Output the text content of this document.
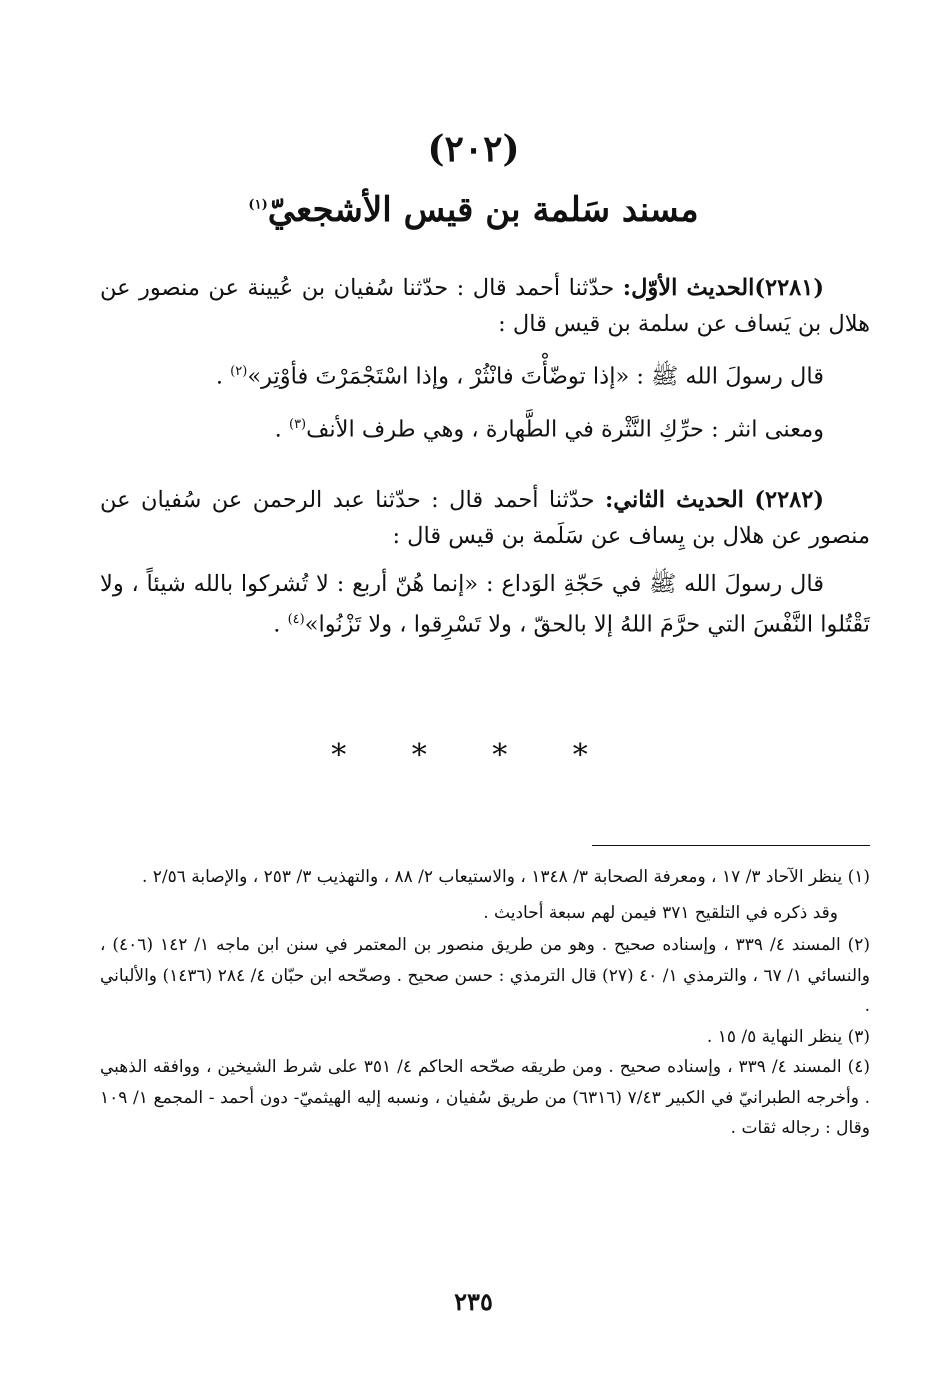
(٢٠٢)
مسند سَلمة بن قيس الأشجعيّ$^{(١)}$

(٢٢٨١)الحديث الأوّل: حدّثنا أحمد قال : حدّثنا سُفيان بن عُيينة عن منصور عن هلال بن يَساف عن سلمة بن قيس قال :

قال رسولَ الله ﷺ : «إذا توضّأْتَ فانْثُرْ ، وإذا اسْتَجْمَرْتَ فأوْتِر»$^{(٢)}$ .

ومعنى انثر : حرِّكِ النَّثْرة في الطَّهارة ، وهي طرف الأنف$^{(٣)}$ .

(٢٢٨٢) الحديث الثاني: حدّثنا أحمد قال : حدّثنا عبد الرحمن عن سُفيان عن منصور عن هلال بن يِساف عن سَلَمة بن قيس قال :

قال رسولَ الله ﷺ في حَجّةِ الوَداع : «إنما هُنّ أربع : لا تُشركوا بالله شيئاً ، ولا تَقْتُلوا النَّفْسَ التي حرَّمَ اللهُ إلا بالحقّ ، ولا تَسْرِقوا ، ولا تَزْنُوا»$^{(٤)}$ .

* * * *

(١) ينظر الآحاد ٣/ ١٧ ، ومعرفة الصحابة ٣/ ١٣٤٨ ، والاستيعاب ٢/ ٨٨ ، والتهذيب ٣/ ٢٥٣ ، والإصابة ٢/٥٦ .

وقد ذكره في التلقيح ٣٧١ فيمن لهم سبعة أحاديث .

(٢) المسند ٤/ ٣٣٩ ، وإسناده صحيح . وهو من طريق منصور بن المعتمر في سنن ابن ماجه ١/ ١٤٢ (٤٠٦) ، والنسائي ١/ ٦٧ ، والترمذي ١/ ٤٠ (٢٧) قال الترمذي : حسن صحيح . وصحّحه ابن حبّان ٤/ ٢٨٤ (١٤٣٦) والألباني .

(٣) ينظر النهاية ٥/ ١٥ .

(٤) المسند ٤/ ٣٣٩ ، وإسناده صحيح . ومن طريقه صحّحه الحاكم ٤/ ٣٥١ على شرط الشيخين ، ووافقه الذهبي . وأخرجه الطبرانيّ في الكبير ٧/٤٣ (٦٣١٦) من طريق سُفيان ، ونسبه إليه الهيثميّ- دون أحمد - المجمع ١/ ١٠٩ وقال : رجاله ثقات .

٢٣٥
